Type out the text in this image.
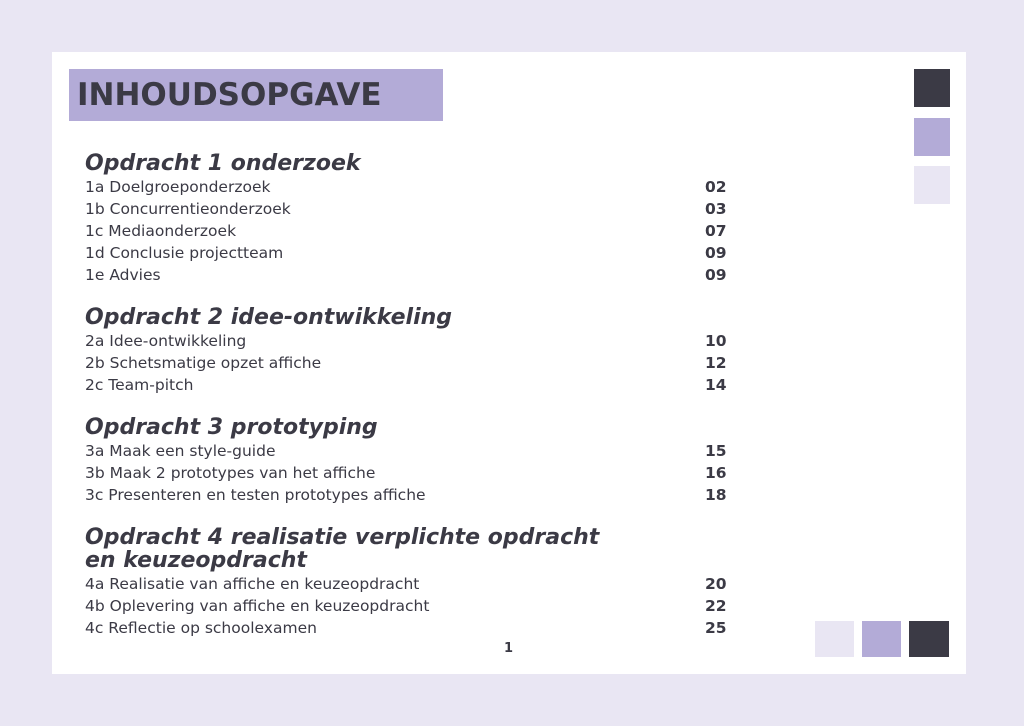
INHOUDSOPGAVE
Opdracht 1 onderzoek
1a Doelgroeponderzoek	02
1b Concurrentieonderzoek	03
1c Mediaonderzoek	07
1d Conclusie projectteam	09
1e Advies	09
Opdracht 2 idee-ontwikkeling
2a Idee-ontwikkeling	10
2b Schetsmatige opzet affiche	12
2c Team-pitch	14
Opdracht 3 prototyping
3a Maak een style-guide	15
3b Maak 2 prototypes van het affiche	16
3c Presenteren en testen prototypes affiche	18
Opdracht 4 realisatie verplichte opdracht
en keuzeopdracht
4a Realisatie van affiche en keuzeopdracht	20
4b Oplevering van affiche en keuzeopdracht	22
4c Reflectie op schoolexamen	25
1
